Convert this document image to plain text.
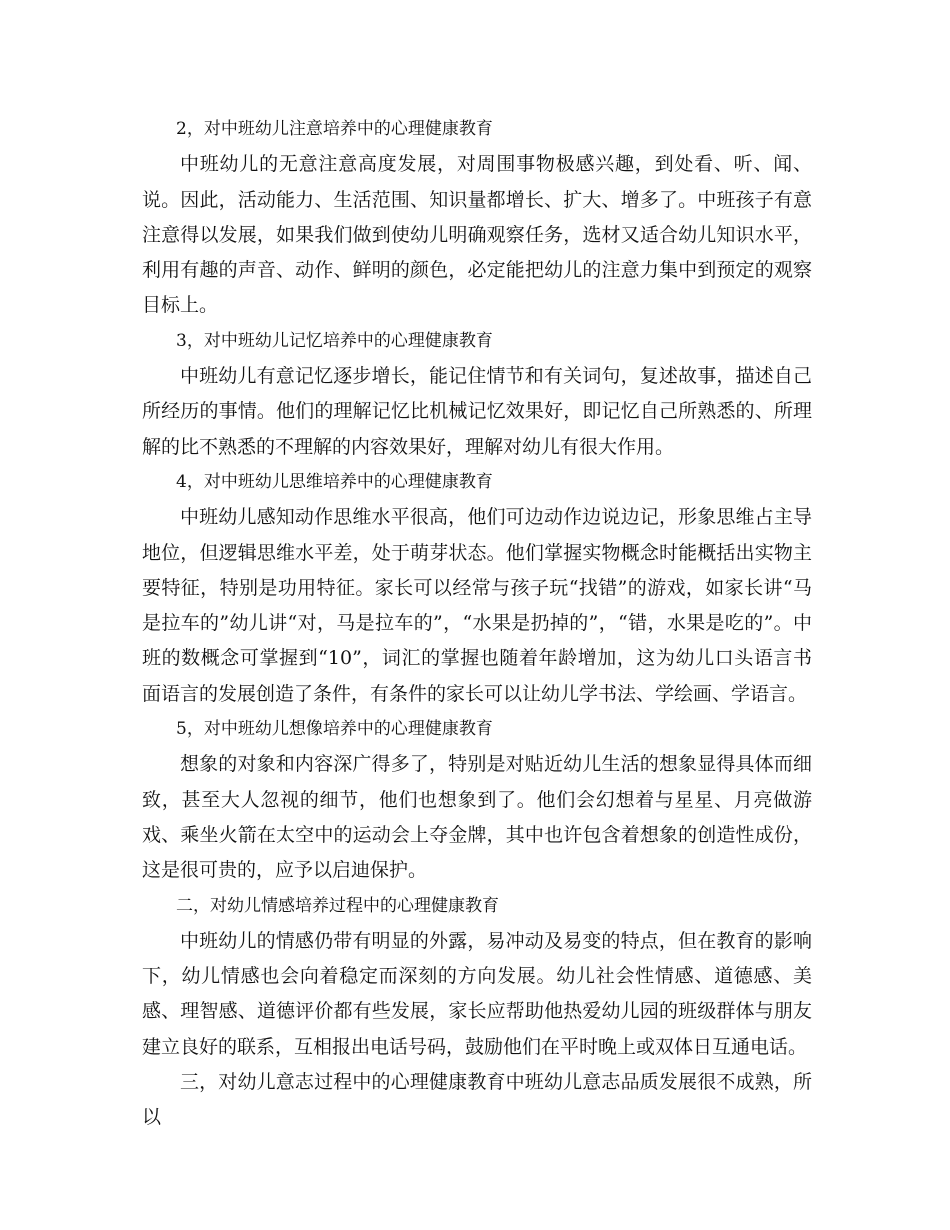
2，对中班幼儿注意培养中的心理健康教育

中班幼儿的无意注意高度发展，对周围事物极感兴趣，到处看、听、闻、说。因此，活动能力、生活范围、知识量都增长、扩大、增多了。中班孩子有意注意得以发展，如果我们做到使幼儿明确观察任务，选材又适合幼儿知识水平，利用有趣的声音、动作、鲜明的颜色，必定能把幼儿的注意力集中到预定的观察目标上。

3，对中班幼儿记忆培养中的心理健康教育

中班幼儿有意记忆逐步增长，能记住情节和有关词句，复述故事，描述自己所经历的事情。他们的理解记忆比机械记忆效果好，即记忆自己所熟悉的、所理解的比不熟悉的不理解的内容效果好，理解对幼儿有很大作用。

4，对中班幼儿思维培养中的心理健康教育

中班幼儿感知动作思维水平很高，他们可边动作边说边记，形象思维占主导地位，但逻辑思维水平差，处于萌芽状态。他们掌握实物概念时能概括出实物主要特征，特别是功用特征。家长可以经常与孩子玩“找错”的游戏，如家长讲“马是拉车的”幼儿讲“对，马是拉车的”，“水果是扔掉的”，“错，水果是吃的”。中班的数概念可掌握到“10”，词汇的掌握也随着年龄增加，这为幼儿口头语言书面语言的发展创造了条件，有条件的家长可以让幼儿学书法、学绘画、学语言。

5，对中班幼儿想像培养中的心理健康教育

想象的对象和内容深广得多了，特别是对贴近幼儿生活的想象显得具体而细致，甚至大人忽视的细节，他们也想象到了。他们会幻想着与星星、月亮做游戏、乘坐火箭在太空中的运动会上夺金牌，其中也许包含着想象的创造性成份，这是很可贵的，应予以启迪保护。

二，对幼儿情感培养过程中的心理健康教育

中班幼儿的情感仍带有明显的外露，易冲动及易变的特点，但在教育的影响下，幼儿情感也会向着稳定而深刻的方向发展。幼儿社会性情感、道德感、美感、理智感、道德评价都有些发展，家长应帮助他热爱幼儿园的班级群体与朋友建立良好的联系，互相报出电话号码，鼓励他们在平时晚上或双体日互通电话。

三，对幼儿意志过程中的心理健康教育中班幼儿意志品质发展很不成熟，所以
